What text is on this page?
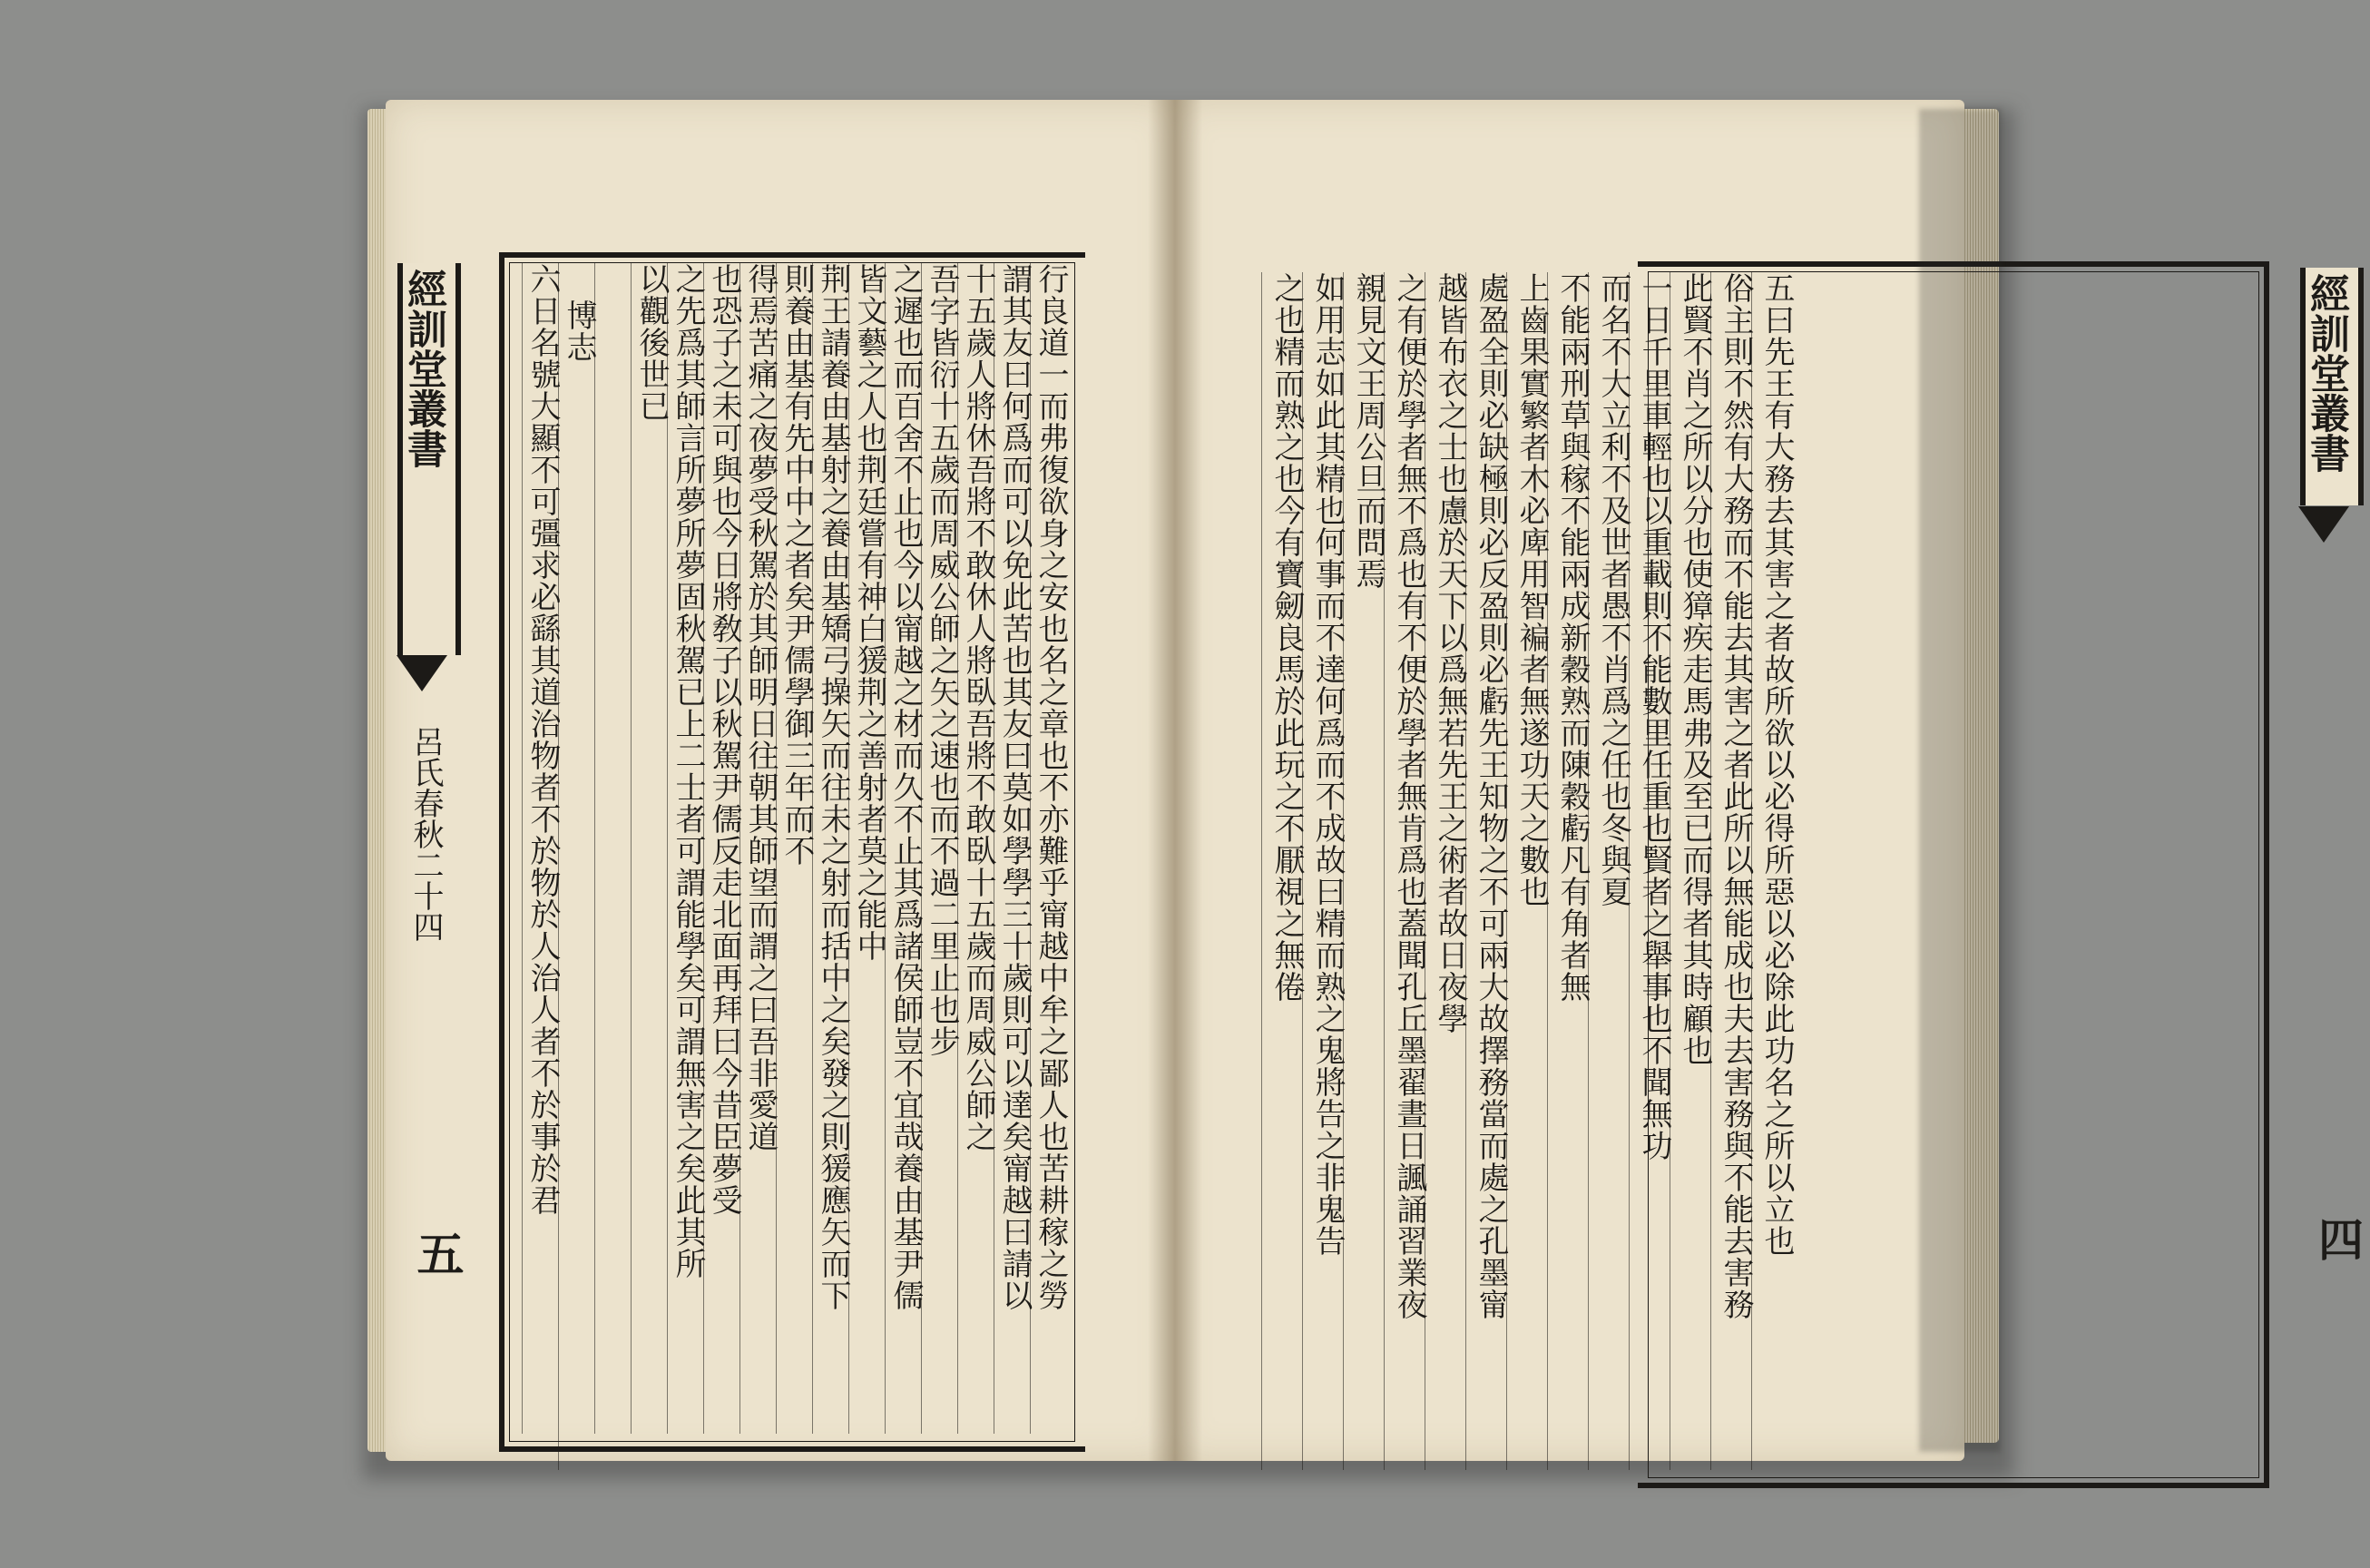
經訓堂叢書
呂氏春秋二十四
五	行良道一而弗復欲身之安也名之章也不亦難乎甯越中牟之鄙人也苦耕稼之勞
謂其友曰何爲而可以免此苦也其友曰莫如學學三十歲則可以達矣甯越曰請以
十五歲人將休吾將不敢休人將臥吾將不敢臥十五歲而周威公師之
吾字皆衍十五歲而周威公師之矢之速也而不過二里止也步
之遲也而百舍不止也今以甯越之材而久不止其爲諸侯師豈不宜哉養由基尹儒
皆文藝之人也荆廷嘗有神白猨荆之善射者莫之能中
荆王請養由基射之養由基矯弓操矢而往未之射而括中之矣發之則猨應矢而下
則養由基有先中中之者矣尹儒學御三年而不
得焉苦痛之夜夢受秋駕於其師明日往朝其師望而謂之曰吾非愛道
也恐子之未可與也今日將敎子以秋駕尹儒反走北面再拜曰今昔臣夢受
之先爲其師言所夢所夢固秋駕已上二士者可謂能學矣可謂無害之矣此其所
以觀後世已
博志
六日名號大顯不可彊求必繇其道治物者不於物於人治人者不於事於君	五曰先王有大務去其害之者故所欲以必得所惡以必除此功名之所以立也
俗主則不然有大務而不能去其害之者此所以無能成也夫去害務與不能去害務
此賢不肖之所以分也使獐疾走馬弗及至已而得者其時顧也
一日千里車輕也以重載則不能數里任重也賢者之舉事也不聞無功
而名不大立利不及世者愚不肖爲之任也冬與夏
不能兩刑草與稼不能兩成新穀熟而陳穀虧凡有角者無
上齒果實繁者木必庳用智褊者無遂功天之數也
處盈全則必缺極則必反盈則必虧先王知物之不可兩大故擇務當而處之孔墨甯
越皆布衣之士也慮於天下以爲無若先王之術者故日夜學
之有便於學者無不爲也有不便於學者無肯爲也蓋聞孔丘墨翟晝日諷誦習業夜
親見文王周公旦而問焉
如用志如此其精也何事而不達何爲而不成故曰精而熟之鬼將告之非鬼告
之也精而熟之也今有寶劒良馬於此玩之不厭視之無倦	經訓堂叢書
四
